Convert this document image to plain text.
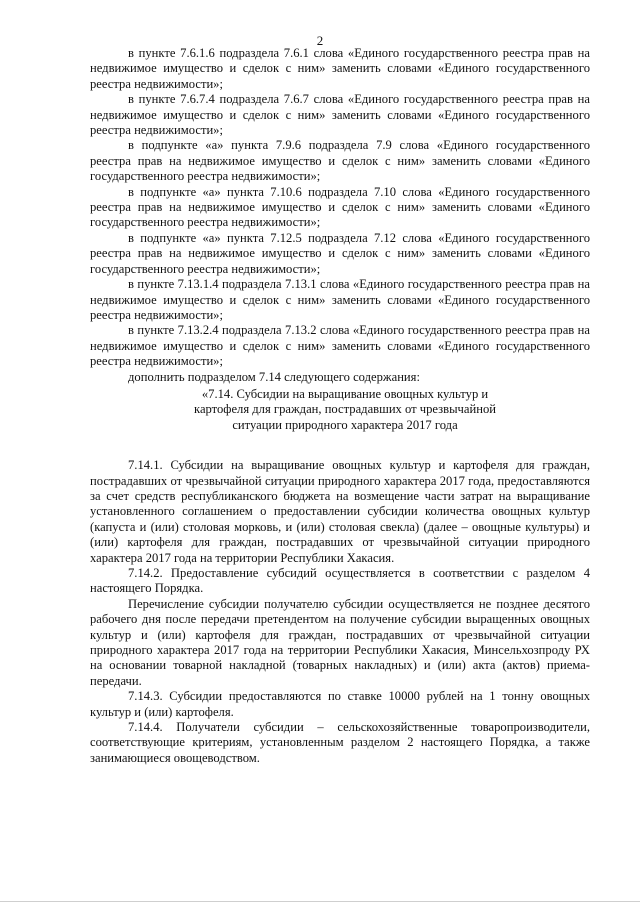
2

в пункте 7.6.1.6 подраздела 7.6.1 слова «Единого государственного реестра прав на недвижимое имущество и сделок с ним» заменить словами «Единого государственного реестра недвижимости»;

в пункте 7.6.7.4 подраздела 7.6.7 слова «Единого государственного реестра прав на недвижимое имущество и сделок с ним» заменить словами «Единого государственного реестра недвижимости»;

в подпункте «а» пункта 7.9.6 подраздела 7.9 слова «Единого государственного реестра прав на недвижимое имущество и сделок с ним» заменить словами «Единого государственного реестра недвижимости»;

в подпункте «а» пункта 7.10.6 подраздела 7.10 слова «Единого государственного реестра прав на недвижимое имущество и сделок с ним» заменить словами «Единого государственного реестра недвижимости»;

в подпункте «а» пункта 7.12.5 подраздела 7.12 слова «Единого государственного реестра прав на недвижимое имущество и сделок с ним» заменить словами «Единого государственного реестра недвижимости»;

в пункте 7.13.1.4 подраздела 7.13.1 слова «Единого государственного реестра прав на недвижимое имущество и сделок с ним» заменить словами «Единого государственного реестра недвижимости»;

в пункте 7.13.2.4 подраздела 7.13.2 слова «Единого государственного реестра прав на недвижимое имущество и сделок с ним» заменить словами «Единого государственного реестра недвижимости»;

дополнить подразделом 7.14 следующего содержания:

«7.14. Субсидии на выращивание овощных культур и
картофеля для граждан, пострадавших от чрезвычайной
ситуации природного характера 2017 года

7.14.1. Субсидии на выращивание овощных культур и картофеля для граждан, пострадавших от чрезвычайной ситуации природного характера 2017 года, предоставляются за счет средств республиканского бюджета на возмещение части затрат на выращивание установленного соглашением о предоставлении субсидии количества овощных культур (капуста и (или) столовая морковь, и (или) столовая свекла) (далее – овощные культуры) и (или) картофеля для граждан, пострадавших от чрезвычайной ситуации природного характера 2017 года на территории Республики Хакасия.

7.14.2. Предоставление субсидий осуществляется в соответствии с разделом 4 настоящего Порядка.

Перечисление субсидии получателю субсидии осуществляется не позднее десятого рабочего дня после передачи претендентом на получение субсидии выращенных овощных культур и (или) картофеля для граждан, пострадавших от чрезвычайной ситуации природного характера 2017 года на территории Республики Хакасия, Минсельхозпроду РХ на основании товарной накладной (товарных накладных) и (или) акта (актов) приема-передачи.

7.14.3. Субсидии предоставляются по ставке 10000 рублей на 1 тонну овощных культур и (или) картофеля.

7.14.4. Получатели субсидии – сельскохозяйственные товаропроизводители, соответствующие критериям, установленным разделом 2 настоящего Порядка, а также занимающиеся овощеводством.
